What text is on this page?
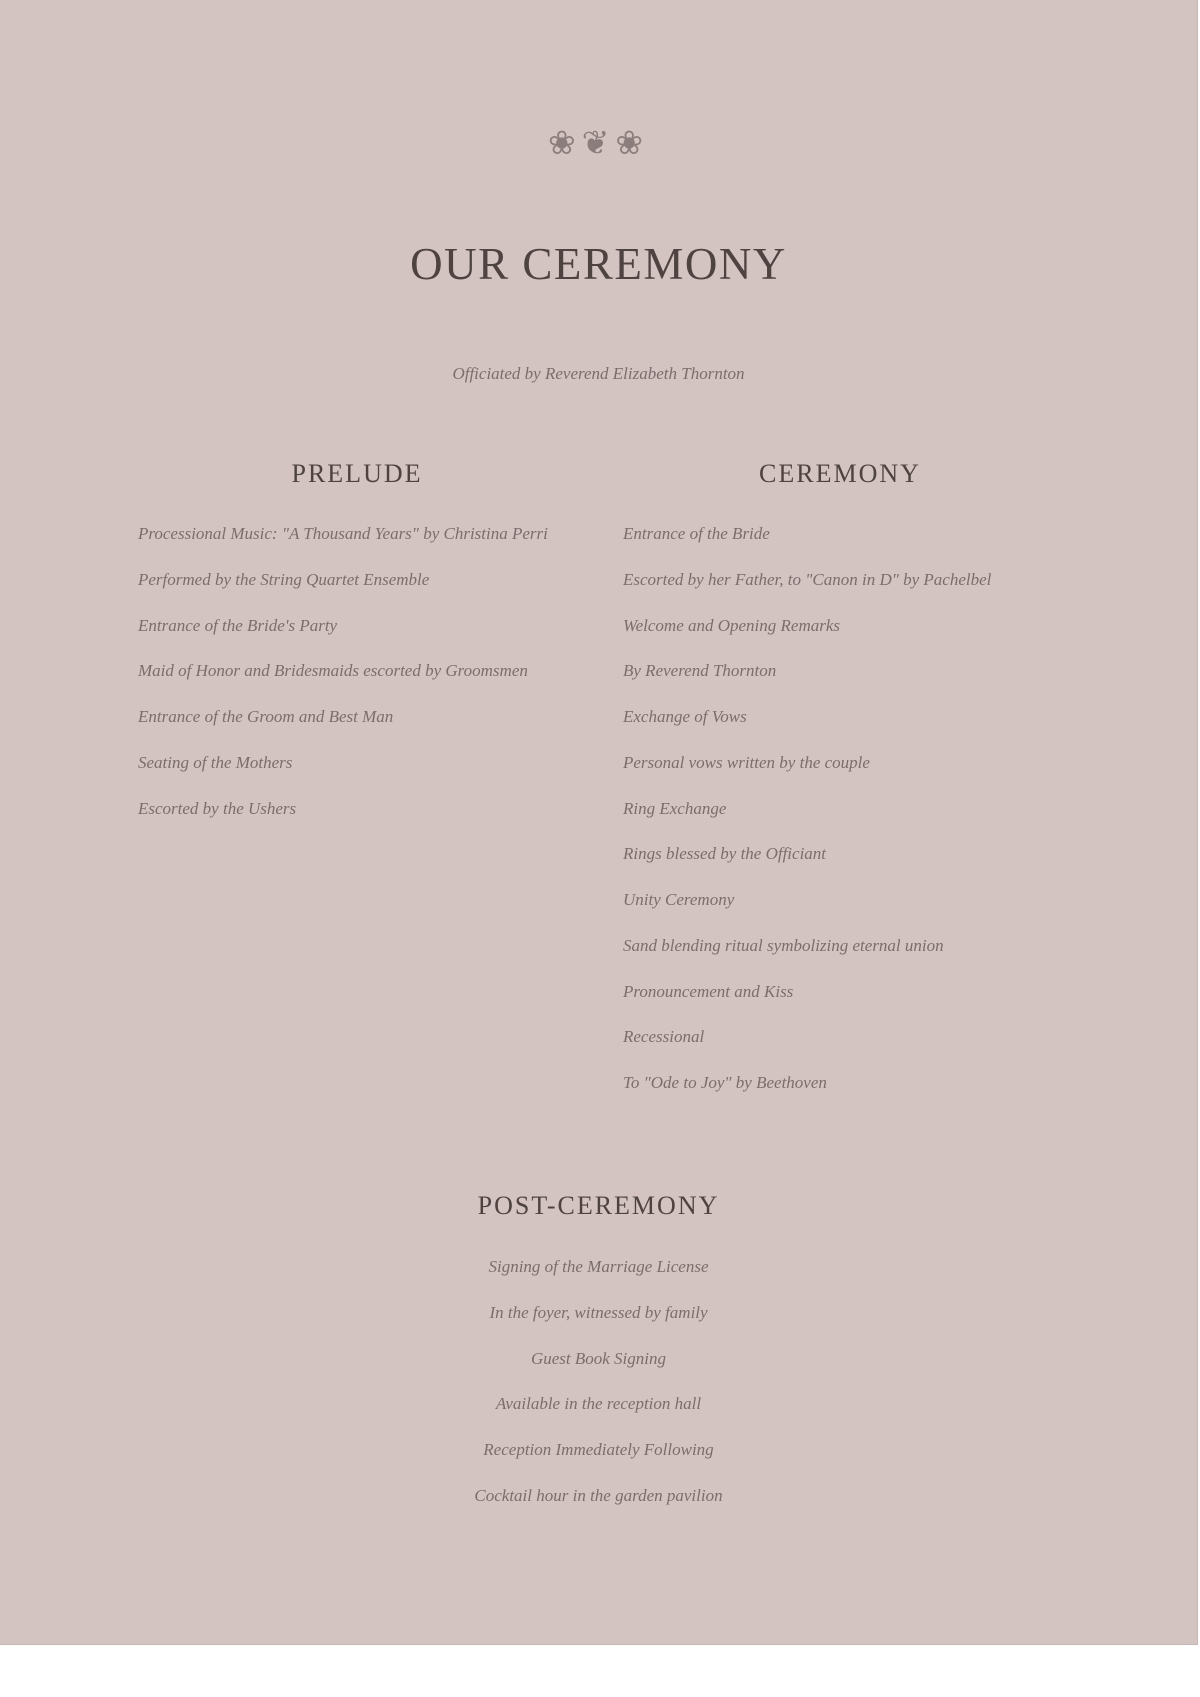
❀❦❀
OUR CEREMONY
Officiated by Reverend Elizabeth Thornton
PRELUDE
Processional Music: "A Thousand Years" by Christina Perri
Performed by the String Quartet Ensemble
Entrance of the Bride's Party
Maid of Honor and Bridesmaids escorted by Groomsmen
Entrance of the Groom and Best Man
Seating of the Mothers
Escorted by the Ushers
CEREMONY
Entrance of the Bride
Escorted by her Father, to "Canon in D" by Pachelbel
Welcome and Opening Remarks
By Reverend Thornton
Exchange of Vows
Personal vows written by the couple
Ring Exchange
Rings blessed by the Officiant
Unity Ceremony
Sand blending ritual symbolizing eternal union
Pronouncement and Kiss
Recessional
To "Ode to Joy" by Beethoven
POST-CEREMONY
Signing of the Marriage License
In the foyer, witnessed by family
Guest Book Signing
Available in the reception hall
Reception Immediately Following
Cocktail hour in the garden pavilion
